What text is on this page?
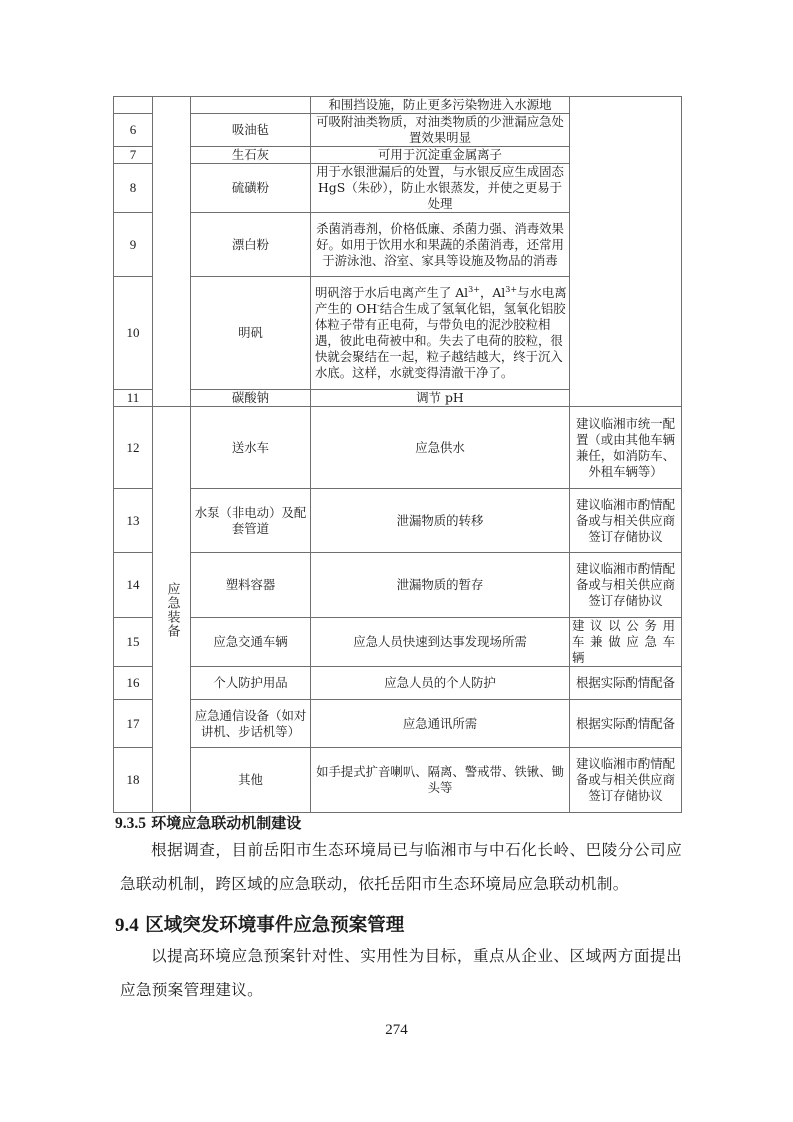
			和围挡设施，防止更多污染物进入水源地	
6		吸油毡	可吸附油类物质，对油类物质的少泄漏应急处置效果明显	
7		生石灰	可用于沉淀重金属离子	
8		硫磺粉	用于水银泄漏后的处置，与水银反应生成固态 HgS（朱砂），防止水银蒸发，并使之更易于处理	
9		漂白粉	杀菌消毒剂，价格低廉、杀菌力强、消毒效果好。如用于饮用水和果蔬的杀菌消毒，还常用于游泳池、浴室、家具等设施及物品的消毒	
10		明矾	明矾溶于水后电离产生了 $Al^{3+}$，$Al^{3+}$与水电离产生的 OH-结合生成了氢氧化铝，氢氧化铝胶体粒子带有正电荷，与带负电的泥沙胶粒相遇，彼此电荷被中和。失去了电荷的胶粒，很快就会聚结在一起，粒子越结越大，终于沉入水底。这样，水就变得清澈干净了。	
11		碳酸钠	调节 pH	
12	应急装备	送水车	应急供水	建议临湘市统一配置（或由其他车辆兼任，如消防车、外租车辆等）
13		水泵（非电动）及配套管道	泄漏物质的转移	建议临湘市酌情配备或与相关供应商签订存储协议
14		塑料容器	泄漏物质的暂存	建议临湘市酌情配备或与相关供应商签订存储协议
15		应急交通车辆	应急人员快速到达事发现场所需	建议以公务用车兼做应急车辆
16		个人防护用品	应急人员的个人防护	根据实际酌情配备
17		应急通信设备（如对讲机、步话机等）	应急通讯所需	根据实际酌情配备
18		其他	如手提式扩音喇叭、隔离、警戒带、铁锹、锄头等	建议临湘市酌情配备或与相关供应商签订存储协议
9.3.5 环境应急联动机制建设
根据调查，目前岳阳市生态环境局已与临湘市与中石化长岭、巴陵分公司应急联动机制，跨区域的应急联动，依托岳阳市生态环境局应急联动机制。
9.4 区域突发环境事件应急预案管理
以提高环境应急预案针对性、实用性为目标，重点从企业、区域两方面提出应急预案管理建议。
274
